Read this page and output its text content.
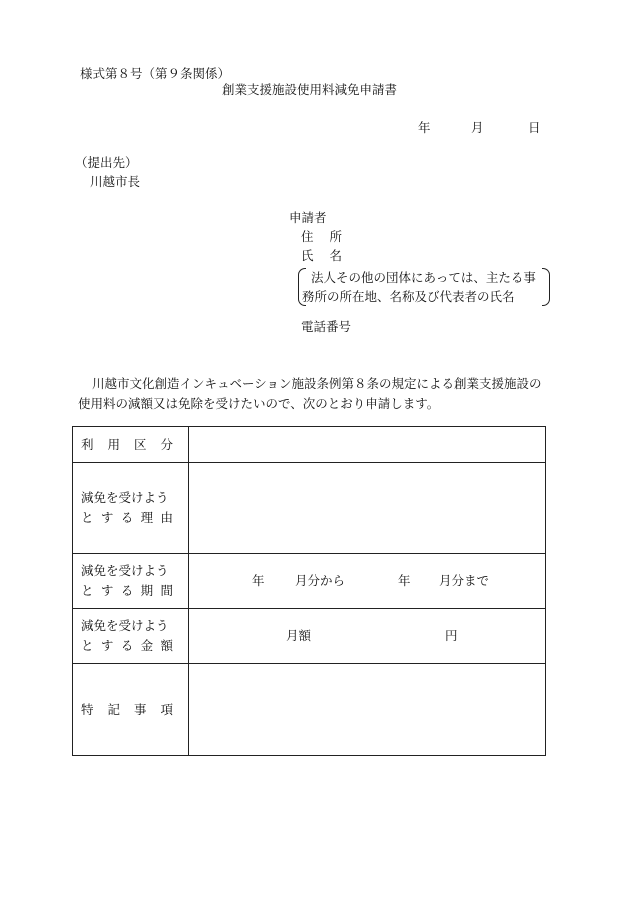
様式第８号（第９条関係）
創業支援施設使用料減免申請書
年	月	日
（提出先）
川越市長
申請者
住所
氏名
法人その他の団体にあっては、主たる事
務所の所在地、名称及び代表者の氏名
電話番号
川越市文化創造インキュベーション施設条例第８条の規定による創業支援施設の使用料の減額又は免除を受けたいので、次のとおり申請します。
利用区分	

減免を受けよう
とする理由	

減免を受けよう
とする期間	年 月分から 年 月分まで

減免を受けよう
とする金額	月額 円

特記事項	
